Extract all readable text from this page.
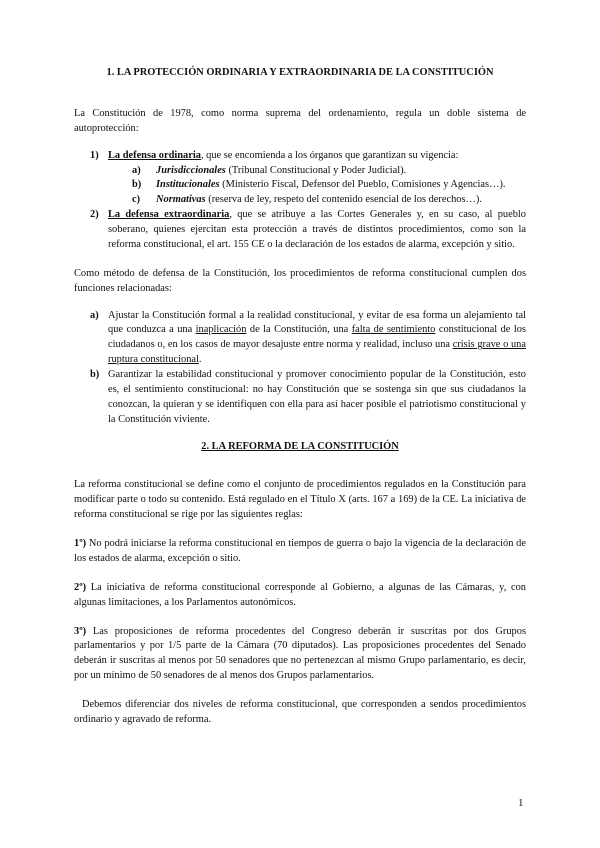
1. LA PROTECCIÓN ORDINARIA Y EXTRAORDINARIA DE LA CONSTITUCIÓN

La Constitución de 1978, como norma suprema del ordenamiento, regula un doble sistema de autoprotección:

1) La defensa ordinaria, que se encomienda a los órganos que garantizan su vigencia:
a) Jurisdiccionales (Tribunal Constitucional y Poder Judicial).
b) Institucionales (Ministerio Fiscal, Defensor del Pueblo, Comisiones y Agencias…).
c) Normativas (reserva de ley, respeto del contenido esencial de los derechos…).
2) La defensa extraordinaria, que se atribuye a las Cortes Generales y, en su caso, al pueblo soberano, quienes ejercitan esta protección a través de distintos procedimientos, como son la reforma constitucional, el art. 155 CE o la declaración de los estados de alarma, excepción y sitio.

Como método de defensa de la Constitución, los procedimientos de reforma constitucional cumplen dos funciones relacionadas:

a) Ajustar la Constitución formal a la realidad constitucional, y evitar de esa forma un alejamiento tal que conduzca a una inaplicación de la Constitución, una falta de sentimiento constitucional de los ciudadanos o, en los casos de mayor desajuste entre norma y realidad, incluso una crisis grave o una ruptura constitucional.
b) Garantizar la estabilidad constitucional y promover conocimiento popular de la Constitución, esto es, el sentimiento constitucional: no hay Constitución que se sostenga sin que sus ciudadanos la conozcan, la quieran y se identifiquen con ella para así hacer posible el patriotismo constitucional y la Constitución viviente.
2. LA REFORMA DE LA CONSTITUCIÓN

La reforma constitucional se define como el conjunto de procedimientos regulados en la Constitución para modificar parte o todo su contenido. Está regulado en el Título X (arts. 167 a 169) de la CE. La iniciativa de reforma constitucional se rige por las siguientes reglas:

1º) No podrá iniciarse la reforma constitucional en tiempos de guerra o bajo la vigencia de la declaración de los estados de alarma, excepción o sitio.

2º) La iniciativa de reforma constitucional corresponde al Gobierno, a algunas de las Cámaras, y, con algunas limitaciones, a los Parlamentos autonómicos.

3º) Las proposiciones de reforma procedentes del Congreso deberán ir suscritas por dos Grupos parlamentarios y por 1/5 parte de la Cámara (70 diputados). Las proposiciones procedentes del Senado deberán ir suscritas al menos por 50 senadores que no pertenezcan al mismo Grupo parlamentario, es decir, por un mínimo de 50 senadores de al menos dos Grupos parlamentarios.

Debemos diferenciar dos niveles de reforma constitucional, que corresponden a sendos procedimientos ordinario y agravado de reforma.

1
